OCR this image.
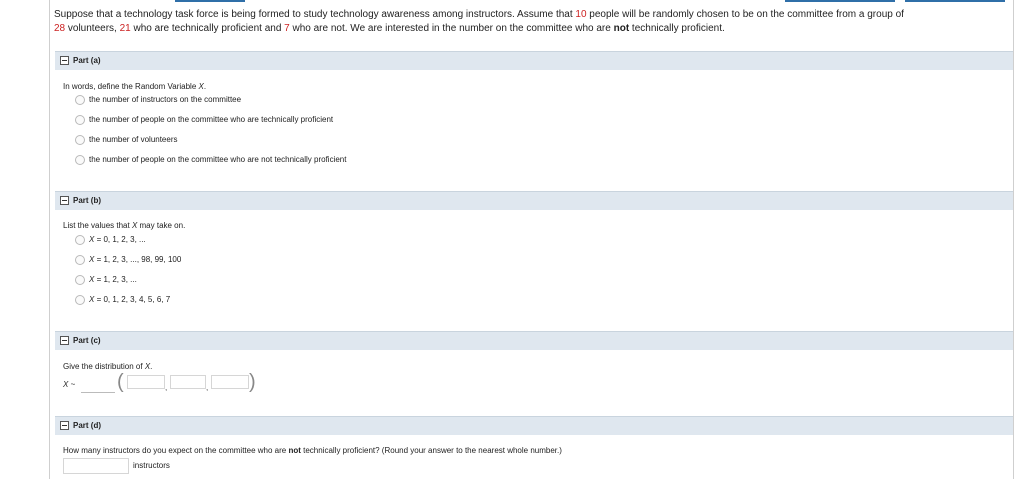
Suppose that a technology task force is being formed to study technology awareness among instructors. Assume that 10 people will be randomly chosen to be on the committee from a group of
28 volunteers, 21 who are technically proficient and 7 who are not. We are interested in the number on the committee who are not technically proficient.
Part (a)
In words, define the Random Variable X.
the number of instructors on the committee
the number of people on the committee who are technically proficient
the number of volunteers
the number of people on the committee who are not technically proficient
Part (b)
List the values that X may take on.
X = 0, 1, 2, 3, ...
X = 1, 2, 3, ..., 98, 99, 100
X = 1, 2, 3, ...
X = 0, 1, 2, 3, 4, 5, 6, 7
Part (c)
Give the distribution of X.
X ~ (	,	, )
Part (d)
How many instructors do you expect on the committee who are not technically proficient? (Round your answer to the nearest whole number.)
instructors
